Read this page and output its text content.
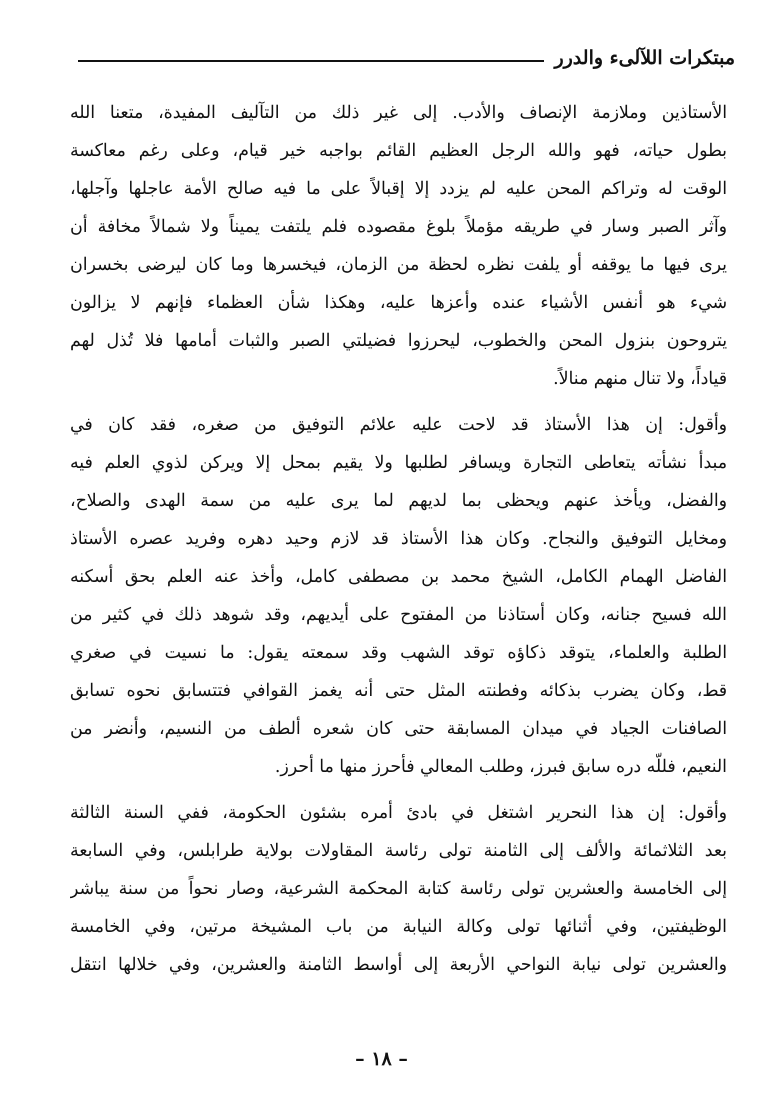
مبتكرات اللآلىء والدرر

الأستاذين وملازمة الإنصاف والأدب. إلى غير ذلك من التآليف المفيدة، متعنا الله
بطول حياته، فهو والله الرجل العظيم القائم بواجبه خير قيام، وعلى رغم معاكسة
الوقت له وتراكم المحن عليه لم يزدد إلا إقبالاً على ما فيه صالح الأمة عاجلها وآجلها،
وآثر الصبر وسار في طريقه مؤملاً بلوغ مقصوده فلم يلتفت يميناً ولا شمالاً مخافة أن
يرى فيها ما يوقفه أو يلفت نظره لحظة من الزمان، فيخسرها وما كان ليرضى بخسران
شيء هو أنفس الأشياء عنده وأعزها عليه، وهكذا شأن العظماء فإنهم لا يزالون
يتروحون بنزول المحن والخطوب، ليحرزوا فضيلتي الصبر والثبات أمامها فلا تُذل لهم
قياداً، ولا تنال منهم منالاً.

وأقول: إن هذا الأستاذ قد لاحت عليه علائم التوفيق من صغره، فقد كان في
مبدأ نشأته يتعاطى التجارة ويسافر لطلبها ولا يقيم بمحل إلا ويركن لذوي العلم فيه
والفضل، ويأخذ عنهم ويحظى بما لديهم لما يرى عليه من سمة الهدى والصلاح،
ومخايل التوفيق والنجاح. وكان هذا الأستاذ قد لازم وحيد دهره وفريد عصره الأستاذ
الفاضل الهمام الكامل، الشيخ محمد بن مصطفى كامل، وأخذ عنه العلم بحق أسكنه
الله فسيح جنانه، وكان أستاذنا من المفتوح على أيديهم، وقد شوهد ذلك في كثير من
الطلبة والعلماء، يتوقد ذكاؤه توقد الشهب وقد سمعته يقول: ما نسيت في صغري
قط، وكان يضرب بذكائه وفطنته المثل حتى أنه يغمز القوافي فتتسابق نحوه تسابق
الصافنات الجياد في ميدان المسابقة حتى كان شعره ألطف من النسيم، وأنضر من
النعيم، فللّه دره سابق فبرز، وطلب المعالي فأحرز منها ما أحرز.

وأقول: إن هذا النحرير اشتغل في بادئ أمره بشئون الحكومة، ففي السنة الثالثة
بعد الثلاثمائة والألف إلى الثامنة تولى رئاسة المقاولات بولاية طرابلس، وفي السابعة
إلى الخامسة والعشرين تولى رئاسة كتابة المحكمة الشرعية، وصار نحواً من سنة يباشر
الوظيفتين، وفي أثنائها تولى وكالة النيابة من باب المشيخة مرتين، وفي الخامسة
والعشرين تولى نيابة النواحي الأربعة إلى أواسط الثامنة والعشرين، وفي خلالها انتقل

– ١٨ –
